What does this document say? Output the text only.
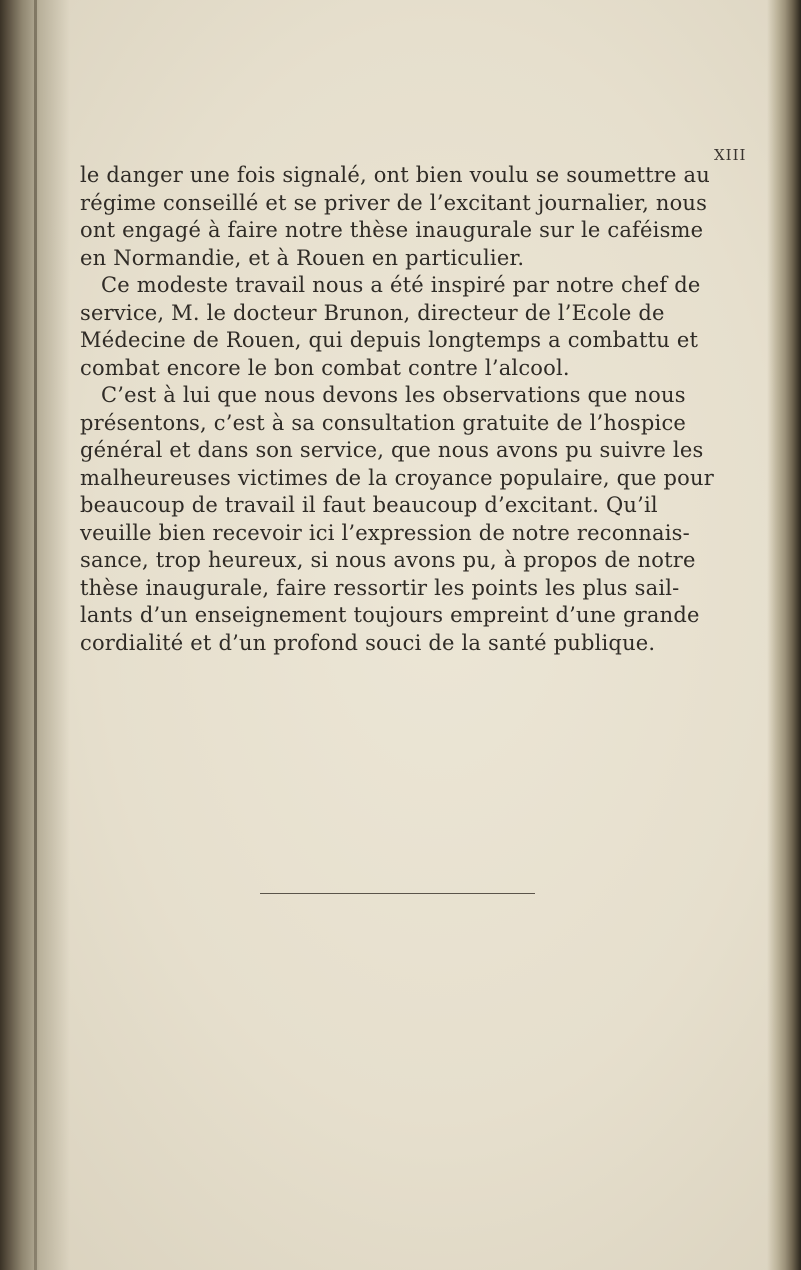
XIII
le danger une fois signalé, ont bien voulu se soumettre au
régime conseillé et se priver de l’excitant journalier, nous
ont engagé à faire notre thèse inaugurale sur le caféisme
en Normandie, et à Rouen en particulier.
Ce modeste travail nous a été inspiré par notre chef de
service, M. le docteur Brunon, directeur de l’Ecole de
Médecine de Rouen, qui depuis longtemps a combattu et
combat encore le bon combat contre l’alcool.
C’est à lui que nous devons les observations que nous
présentons, c’est à sa consultation gratuite de l’hospice
général et dans son service, que nous avons pu suivre les
malheureuses victimes de la croyance populaire, que pour
beaucoup de travail il faut beaucoup d’excitant. Qu’il
veuille bien recevoir ici l’expression de notre reconnais-
sance, trop heureux, si nous avons pu, à propos de notre
thèse inaugurale, faire ressortir les points les plus sail-
lants d’un enseignement toujours empreint d’une grande
cordialité et d’un profond souci de la santé publique.
